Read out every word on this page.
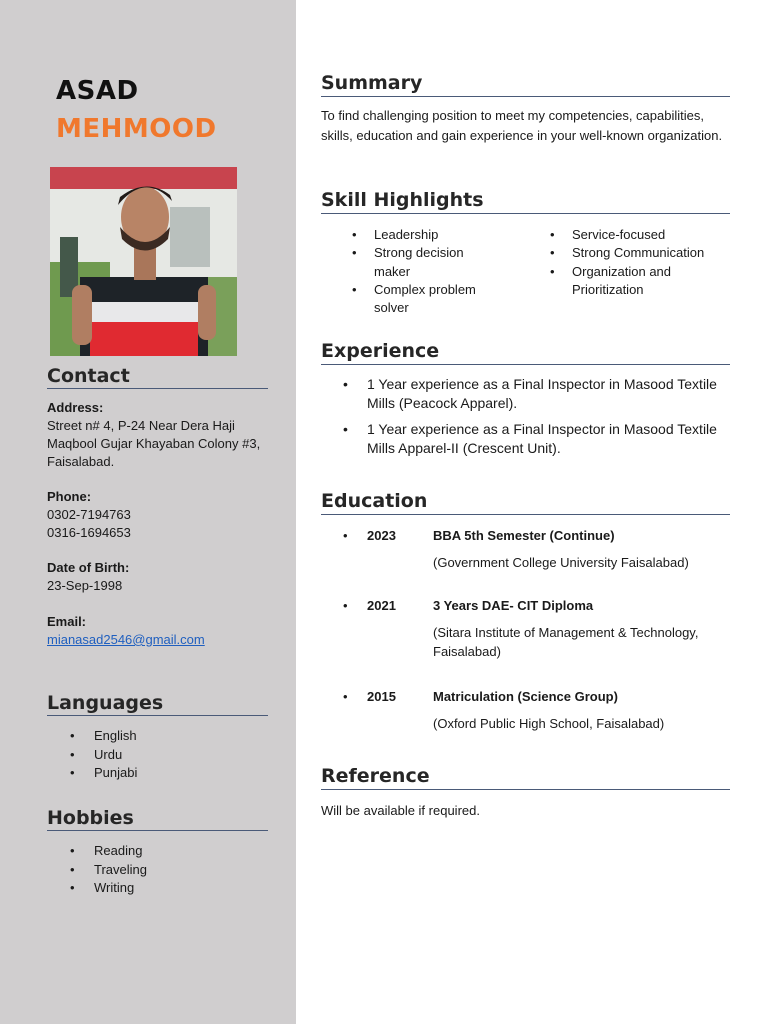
ASAD
MEHMOOD
Contact
Address:
Street n# 4, P-24 Near Dera Haji Maqbool Gujar Khayaban Colony #3, Faisalabad.
Phone:
0302-7194763
0316-1694653
Date of Birth:
23-Sep-1998
Email:
mianasad2546@gmail.com
Languages
• English
• Urdu
• Punjabi
Hobbies
• Reading
• Traveling
• Writing
Summary
To find challenging position to meet my competencies, capabilities, skills, education and gain experience in your well-known organization.
Skill Highlights
• Leadership
• Strong decision maker
• Complex problem solver
• Service-focused
• Strong Communication
• Organization and Prioritization
Experience
• 1 Year experience as a Final Inspector in Masood Textile Mills (Peacock Apparel).
• 1 Year experience as a Final Inspector in Masood Textile Mills Apparel-II (Crescent Unit).
Education
• 2023	BBA 5th Semester (Continue)
(Government College University Faisalabad)
• 2021	3 Years DAE- CIT Diploma
(Sitara Institute of Management & Technology, Faisalabad)
• 2015	Matriculation (Science Group)
(Oxford Public High School, Faisalabad)
Reference
Will be available if required.
